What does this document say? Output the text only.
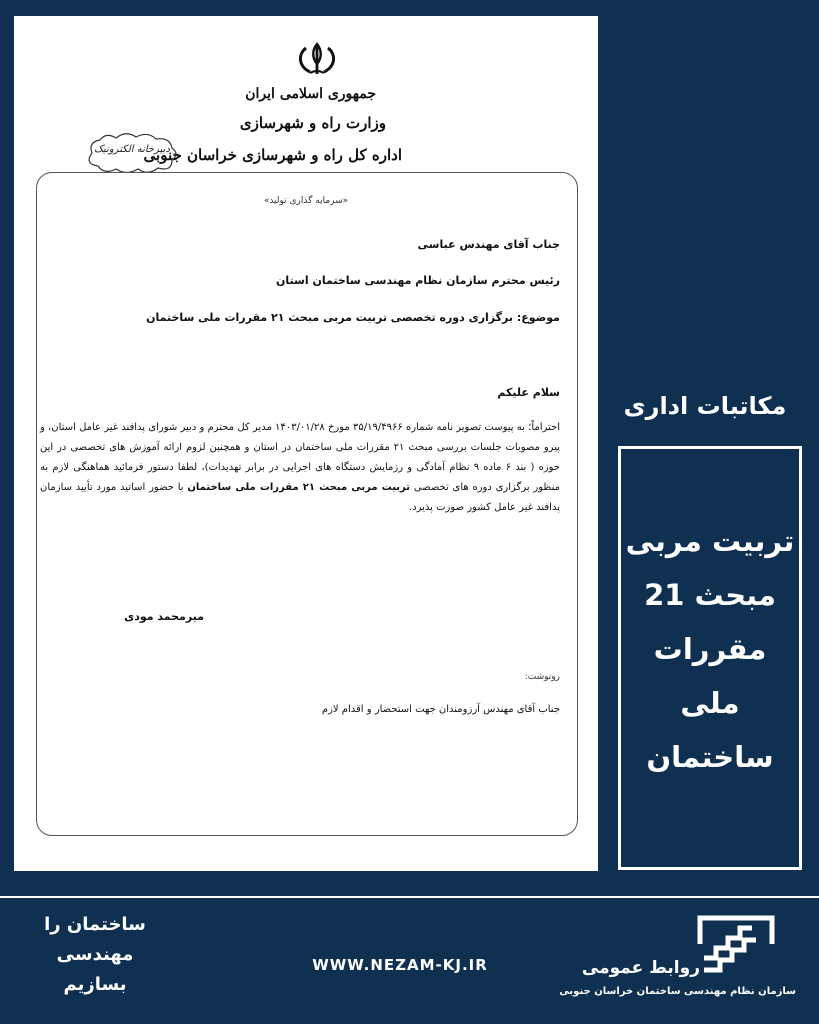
جمهوری اسلامی ایران
وزارت راه و شهرسازی
اداره کل راه و شهرسازی خراسان جنوبی
دبیرخانه الکترونیک
«سرمایه گذاری تولید»
جناب آقای مهندس عباسی
رئیس محترم سازمان نظام مهندسی ساختمان استان
موضوع: برگزاری دوره تخصصی تربیت مربی مبحث ۲۱ مقررات ملی ساختمان
سلام علیکم
احتراماً؛ به پیوست تصویر نامه شماره ۳۵/۱۹/۴۹۶۶ مورخ ۱۴۰۳/۰۱/۲۸ مدیر کل محترم و دبیر شورای پدافند غیر عامل استان، و پیرو مصوبات جلسات بررسی مبحث ۲۱ مقررات ملی ساختمان در استان و همچنین لزوم ارائه آموزش های تخصصی در این حوزه ( بند ۶ ماده ۹ نظام آمادگی و رزمایش دستگاه های اجرایی در برابر تهدیدات)، لطفا دستور فرمائید هماهنگی لازم به منظور برگزاری دوره های تخصصی تربیت مربی مبحث ۲۱ مقررات ملی ساختمان با حضور اساتید مورد تأیید سازمان پدافند غیر عامل کشور صورت پذیرد.
میرمحمد مودی
رونوشت:
جناب آقای مهندس آرزومندان جهت استحضار و اقدام لازم
مکاتبات اداری
تربیت مربی
مبحث 21
مقررات
ملی
ساختمان
ساختمان را
مهندسی
بسازیم
WWW.NEZAM-KJ.IR	روابط عمومی
سازمان نظام مهندسی ساختمان خراسان جنوبی
